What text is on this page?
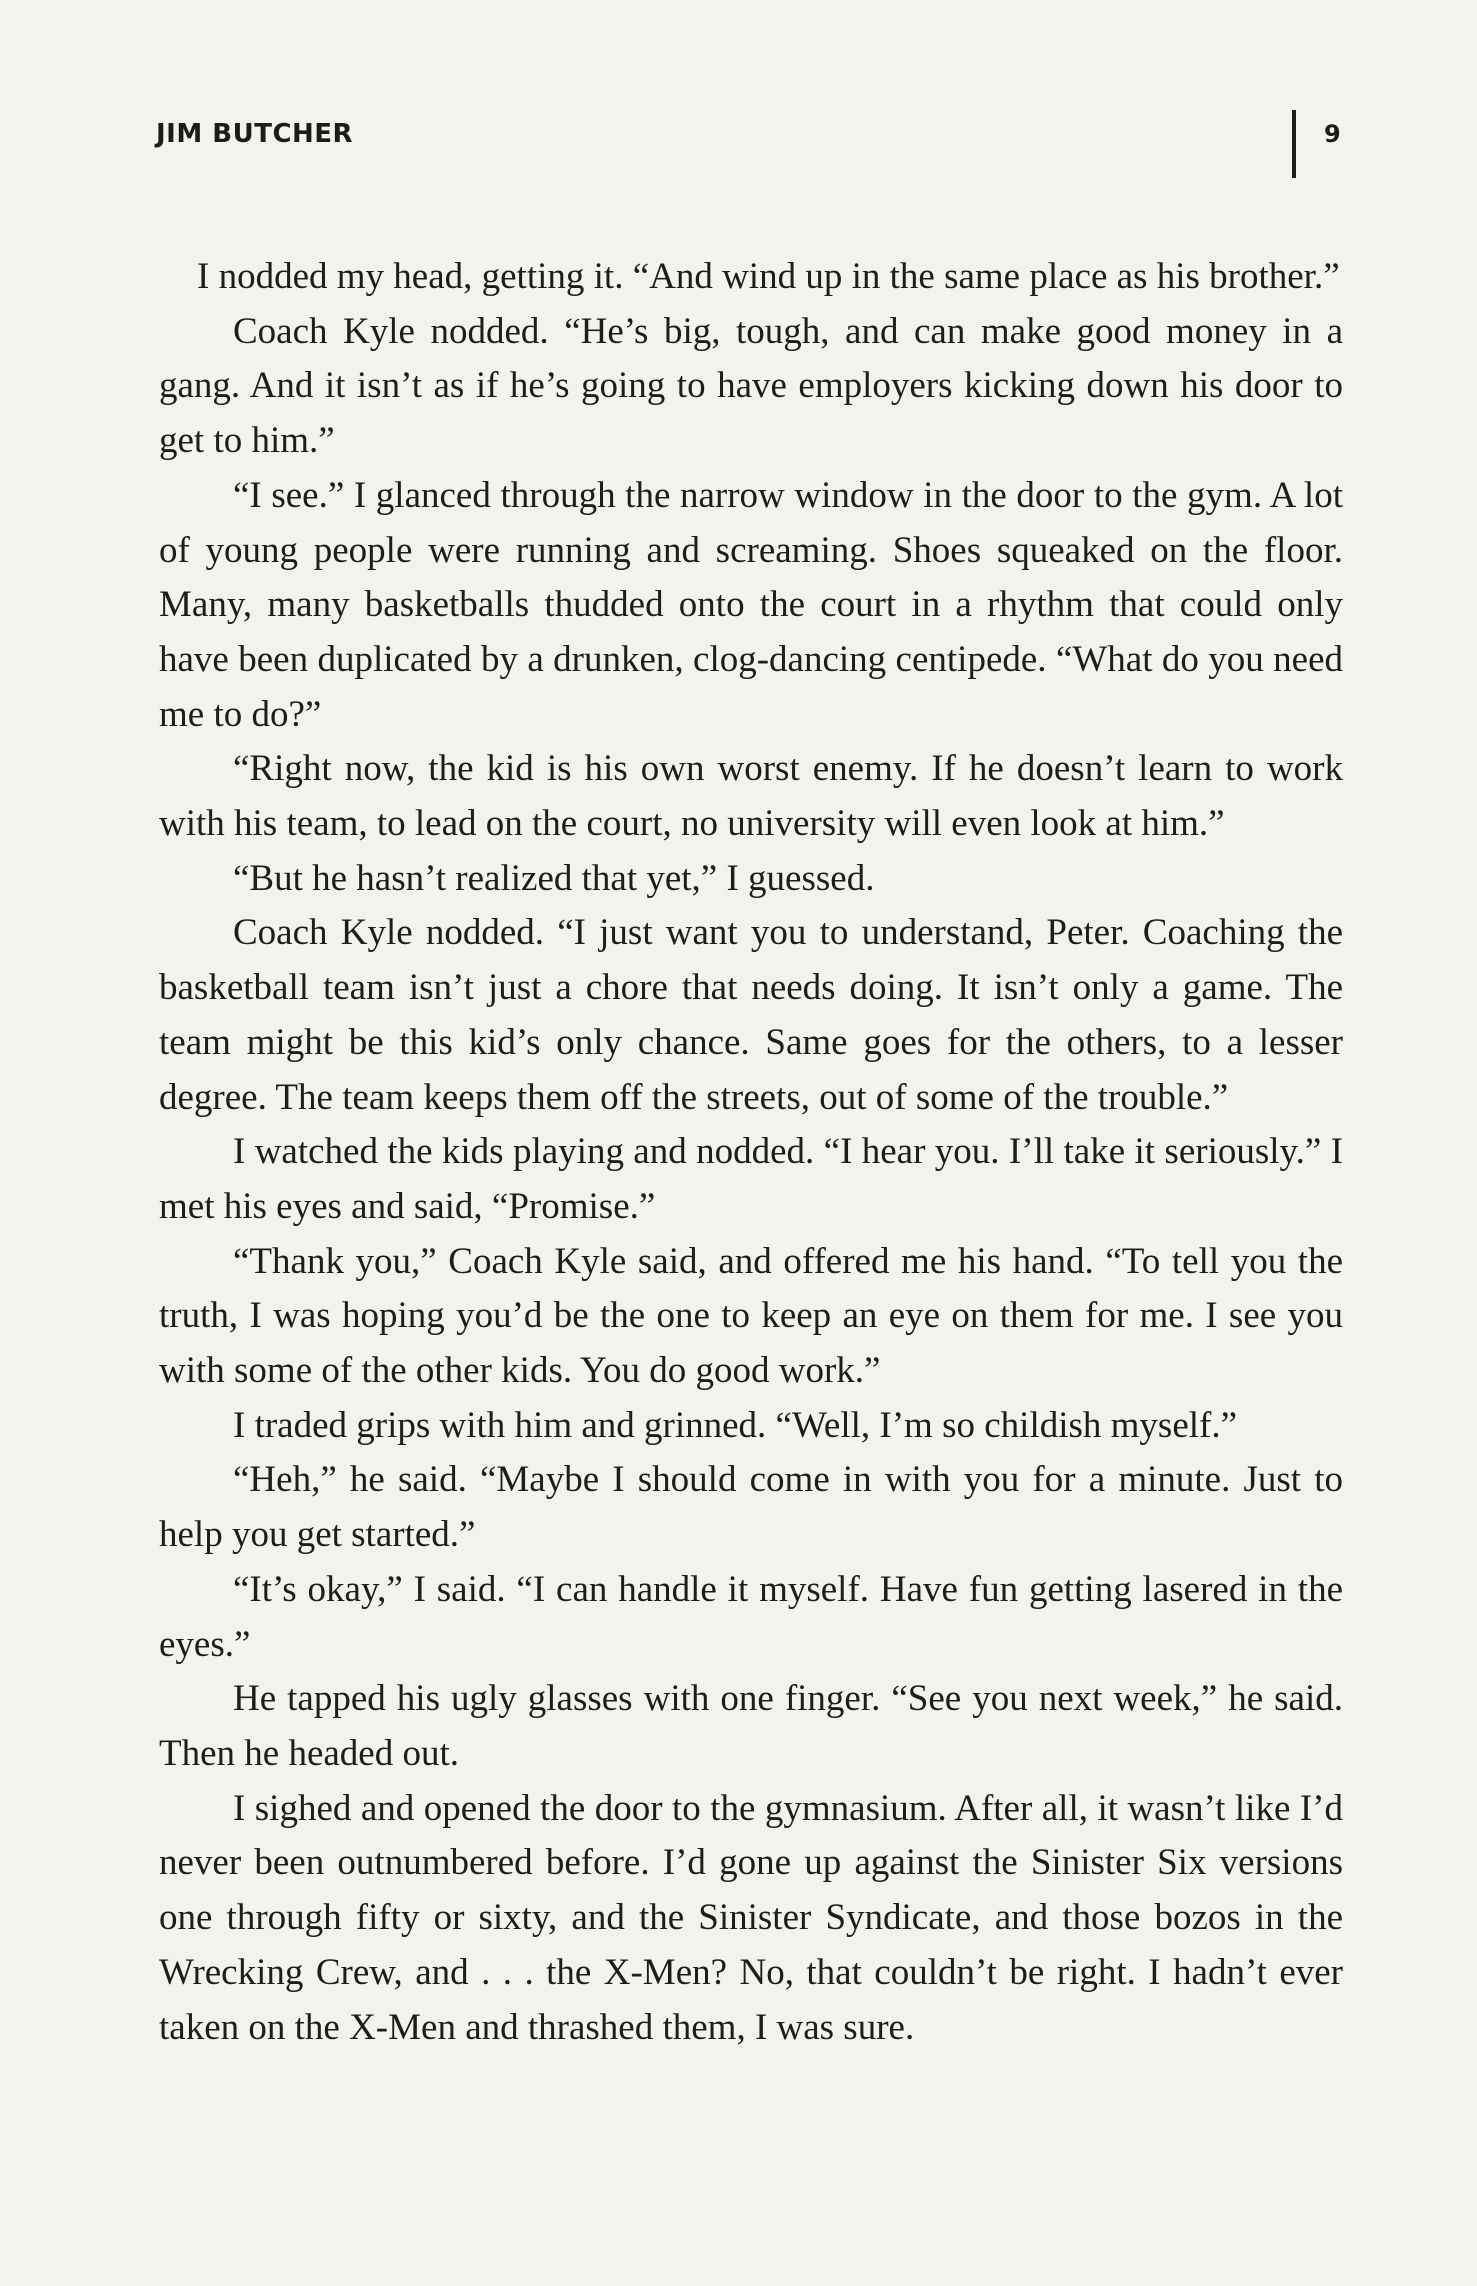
JIM BUTCHER	9

I nodded my head, getting it. “And wind up in the same place as his brother.”

Coach Kyle nodded. “He’s big, tough, and can make good money in a gang. And it isn’t as if he’s going to have employers kicking down his door to get to him.”

“I see.” I glanced through the narrow window in the door to the gym. A lot of young people were running and screaming. Shoes squeaked on the floor. Many, many basketballs thudded onto the court in a rhythm that could only have been duplicated by a drunken, clog-dancing centipede. “What do you need me to do?”

“Right now, the kid is his own worst enemy. If he doesn’t learn to work with his team, to lead on the court, no university will even look at him.”

“But he hasn’t realized that yet,” I guessed.

Coach Kyle nodded. “I just want you to understand, Peter. Coaching the basketball team isn’t just a chore that needs doing. It isn’t only a game. The team might be this kid’s only chance. Same goes for the others, to a lesser degree. The team keeps them off the streets, out of some of the trouble.”

I watched the kids playing and nodded. “I hear you. I’ll take it seriously.” I met his eyes and said, “Promise.”

“Thank you,” Coach Kyle said, and offered me his hand. “To tell you the truth, I was hoping you’d be the one to keep an eye on them for me. I see you with some of the other kids. You do good work.”

I traded grips with him and grinned. “Well, I’m so childish myself.”

“Heh,” he said. “Maybe I should come in with you for a minute. Just to help you get started.”

“It’s okay,” I said. “I can handle it myself. Have fun getting lasered in the eyes.”

He tapped his ugly glasses with one finger. “See you next week,” he said. Then he headed out.

I sighed and opened the door to the gymnasium. After all, it wasn’t like I’d never been outnumbered before. I’d gone up against the Sinister Six versions one through fifty or sixty, and the Sinister Syndicate, and those bozos in the Wrecking Crew, and . . . the X-Men? No, that couldn’t be right. I hadn’t ever taken on the X-Men and thrashed them, I was sure.
